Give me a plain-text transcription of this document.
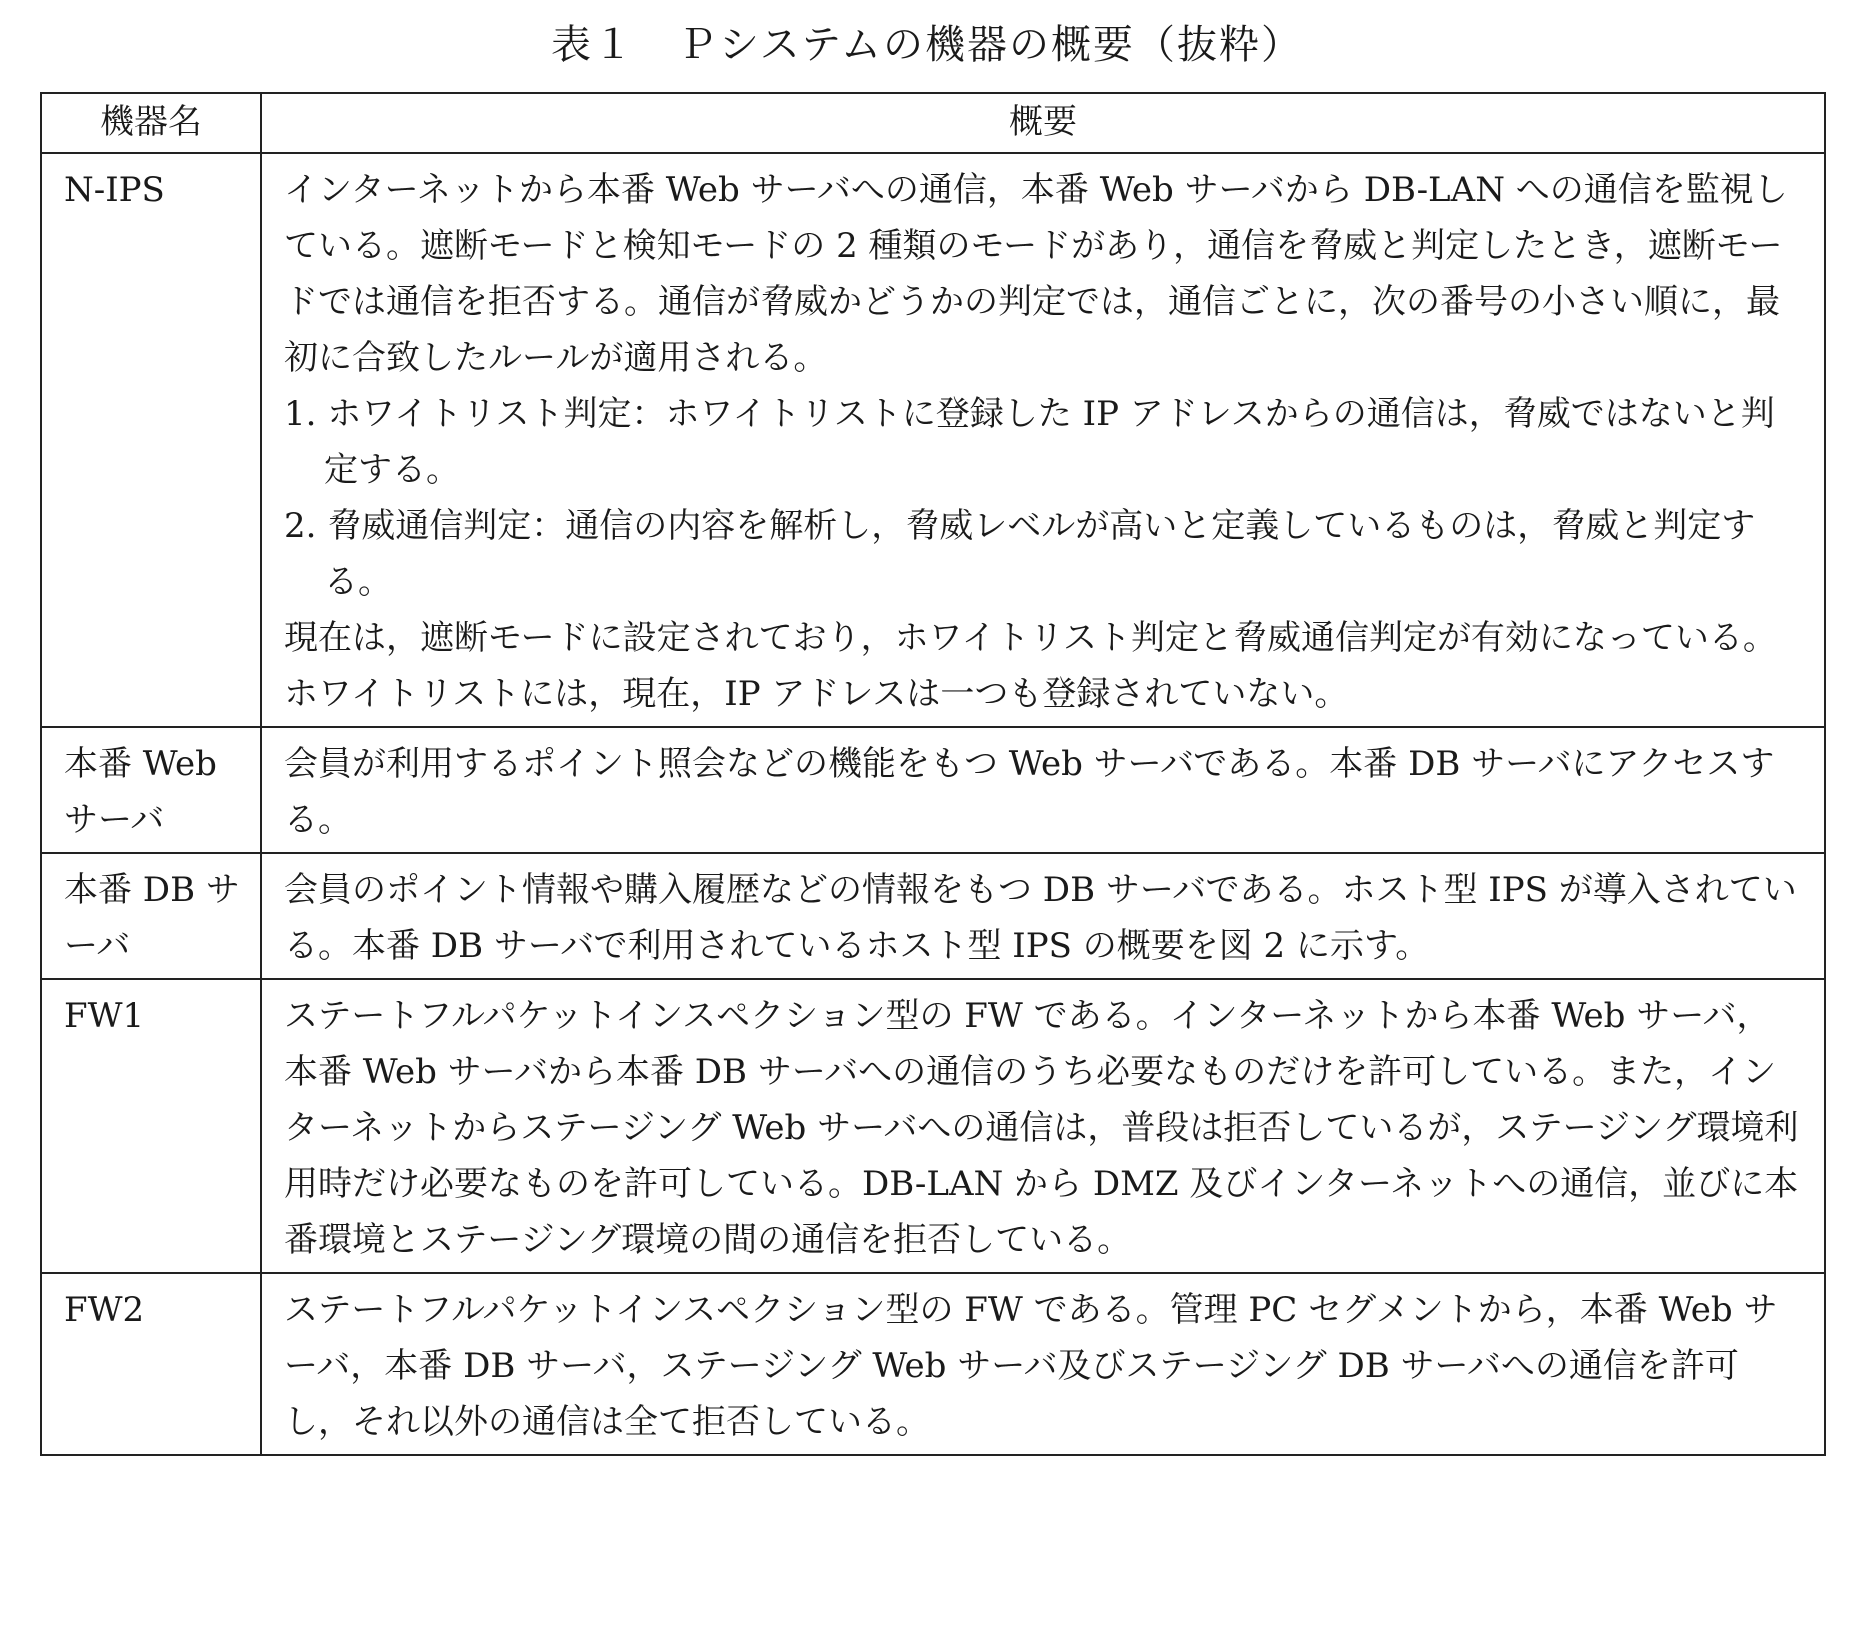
表１　Ｐシステムの機器の概要（抜粋）
機器名	概要
N-IPS	インターネットから本番 Web サーバへの通信，本番 Web サーバから DB-LAN への通信を監視している。遮断モードと検知モードの 2 種類のモードがあり，通信を脅威と判定したとき，遮断モードでは通信を拒否する。通信が脅威かどうかの判定では，通信ごとに，次の番号の小さい順に，最初に合致したルールが適用される。

1. ホワイトリスト判定：ホワイトリストに登録した IP アドレスからの通信は，脅威ではないと判定する。

2. 脅威通信判定：通信の内容を解析し，脅威レベルが高いと定義しているものは，脅威と判定する。

現在は，遮断モードに設定されており，ホワイトリスト判定と脅威通信判定が有効になっている。ホワイトリストには，現在，IP アドレスは一つも登録されていない。

本番 Web サーバ	会員が利用するポイント照会などの機能をもつ Web サーバである。本番 DB サーバにアクセスする。

本番 DB サーバ	会員のポイント情報や購入履歴などの情報をもつ DB サーバである。ホスト型 IPS が導入されている。本番 DB サーバで利用されているホスト型 IPS の概要を図 2 に示す。

FW1	ステートフルパケットインスペクション型の FW である。インターネットから本番 Web サーバ，本番 Web サーバから本番 DB サーバへの通信のうち必要なものだけを許可している。また，インターネットからステージング Web サーバへの通信は，普段は拒否しているが，ステージング環境利用時だけ必要なものを許可している。DB-LAN から DMZ 及びインターネットへの通信，並びに本番環境とステージング環境の間の通信を拒否している。

FW2	ステートフルパケットインスペクション型の FW である。管理 PC セグメントから，本番 Web サーバ，本番 DB サーバ，ステージング Web サーバ及びステージング DB サーバへの通信を許可し，それ以外の通信は全て拒否している。
